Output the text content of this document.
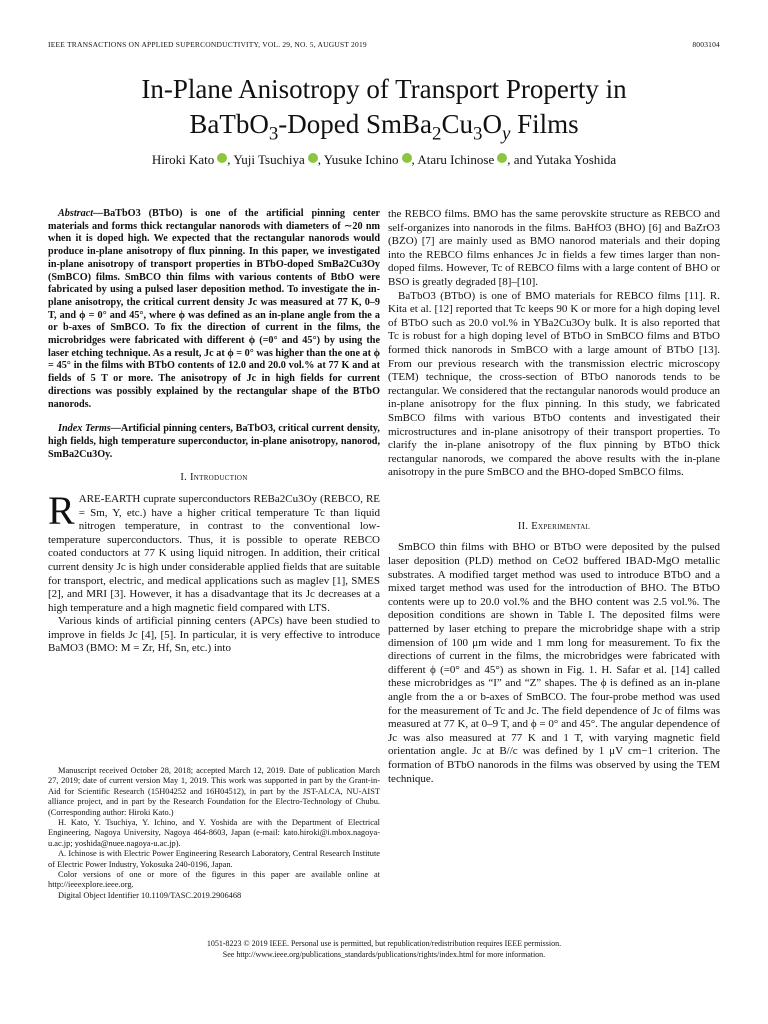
IEEE TRANSACTIONS ON APPLIED SUPERCONDUCTIVITY, VOL. 29, NO. 5, AUGUST 2019	8003104
In-Plane Anisotropy of Transport Property in
BaTbO$_3$-Doped $SmBa_2Cu_3O_y$ Films
Hiroki Kato , Yuji Tsuchiya , Yusuke Ichino , Ataru Ichinose , and Yutaka Yoshida

Abstract—BaTbO3 (BTbO) is one of the artificial pinning center materials and forms thick rectangular nanorods with diameters of ∼20 nm when it is doped high. We expected that the rectangular nanorods would produce in-plane anisotropy of flux pinning. In this paper, we investigated in-plane anisotropy of transport properties in BTbO-doped SmBa2Cu3Oy (SmBCO) films. SmBCO thin films with various contents of BtbO were fabricated by using a pulsed laser deposition method. To investigate the in-plane anisotropy, the critical current density Jc was measured at 77 K, 0–9 T, and ϕ = 0° and 45°, where ϕ was defined as an in-plane angle from the a or b-axes of SmBCO. To fix the direction of current in the films, the microbridges were fabricated with different ϕ (=0° and 45°) by using the laser etching technique. As a result, Jc at ϕ = 0° was higher than the one at ϕ = 45° in the films with BTbO contents of 12.0 and 20.0 vol.% at 77 K and at fields of 5 T or more. The anisotropy of Jc in high fields for current directions was possibly explained by the rectangular shape of the BTbO nanorods.

Index Terms—Artificial pinning centers, BaTbO3, critical current density, high fields, high temperature superconductor, in-plane anisotropy, nanorod, SmBa2Cu3Oy.

I. Introduction

RARE-EARTH cuprate superconductors REBa2Cu3Oy (REBCO, RE = Sm, Y, etc.) have a higher critical temperature Tc than liquid nitrogen temperature, in contrast to the conventional low-temperature superconductors. Thus, it is possible to operate REBCO coated conductors at 77 K using liquid nitrogen. In addition, their critical current density Jc is high under considerable applied fields that are suitable for transport, electric, and medical applications such as maglev [1], SMES [2], and MRI [3]. However, it has a disadvantage that its Jc decreases at a high temperature and a high magnetic field compared with LTS.

Various kinds of artificial pinning centers (APCs) have been studied to improve in fields Jc [4], [5]. In particular, it is very effective to introduce BaMO3 (BMO: M = Zr, Hf, Sn, etc.) into

the REBCO films. BMO has the same perovskite structure as REBCO and self-organizes into nanorods in the films. BaHfO3 (BHO) [6] and BaZrO3 (BZO) [7] are mainly used as BMO nanorod materials and their doping into the REBCO films enhances Jc in fields a few times larger than non-doped films. However, Tc of REBCO films with a large content of BHO or BSO is greatly degraded [8]–[10].

BaTbO3 (BTbO) is one of BMO materials for REBCO films [11]. R. Kita et al. [12] reported that Tc keeps 90 K or more for a high doping level of BTbO such as 20.0 vol.% in YBa2Cu3Oy bulk. It is also reported that Tc is robust for a high doping level of BTbO in SmBCO films and BTbO formed thick nanorods in SmBCO with a large amount of BTbO [13]. From our previous research with the transmission electric microscopy (TEM) technique, the cross-section of BTbO nanorods tends to be rectangular. We considered that the rectangular nanorods would produce an in-plane anisotropy for the flux pinning. In this study, we fabricated SmBCO films with various BTbO contents and investigated their microstructures and in-plane anisotropy of their transport properties. To clarify the in-plane anisotropy of the flux pinning by BTbO thick rectangular nanorods, we compared the above results with the in-plane anisotropy in the pure SmBCO and the BHO-doped SmBCO films.

II. Experimental

SmBCO thin films with BHO or BTbO were deposited by the pulsed laser deposition (PLD) method on CeO2 buffered IBAD-MgO metallic substrates. A modified target method was used to introduce BTbO and a mixed target method was used for the introduction of BHO. The BTbO contents were up to 20.0 vol.% and the BHO content was 2.5 vol.%. The deposition conditions are shown in Table I. The deposited films were patterned by laser etching to prepare the microbridge shape with a strip dimension of 100 μm wide and 1 mm long for measurement. To fix the directions of current in the films, the microbridges were fabricated with different ϕ (=0° and 45°) as shown in Fig. 1. H. Safar et al. [14] called these microbridges as “I” and “Z” shapes. The ϕ is defined as an in-plane angle from the a or b-axes of SmBCO. The four-probe method was used for the measurement of Tc and Jc. The field dependence of Jc of films was measured at 77 K, at 0–9 T, and ϕ = 0° and 45°. The angular dependence of Jc was also measured at 77 K and 1 T, with varying magnetic field orientation angle. Jc at B//c was defined by 1 μV cm−1 criterion. The formation of BTbO nanorods in the films was observed by using the TEM technique.

Manuscript received October 28, 2018; accepted March 12, 2019. Date of publication March 27, 2019; date of current version May 1, 2019. This work was supported in part by the Grant-in-Aid for Scientific Research (15H04252 and 16H04512), in part by the JST-ALCA, NU-AIST alliance project, and in part by the Research Foundation for the Electro-Technology of Chubu. (Corresponding author: Hiroki Kato.)

H. Kato, Y. Tsuchiya, Y. Ichino, and Y. Yoshida are with the Department of Electrical Engineering, Nagoya University, Nagoya 464-8603, Japan (e-mail: kato.hiroki@i.mbox.nagoya-u.ac.jp; yoshida@nuee.nagoya-u.ac.jp).

A. Ichinose is with Electric Power Engineering Research Laboratory, Central Research Institute of Electric Power Industry, Yokosuka 240-0196, Japan.

Color versions of one or more of the figures in this paper are available online at http://ieeexplore.ieee.org.

Digital Object Identifier 10.1109/TASC.2019.2906468

1051-8223 © 2019 IEEE. Personal use is permitted, but republication/redistribution requires IEEE permission.
See http://www.ieee.org/publications_standards/publications/rights/index.html for more information.
